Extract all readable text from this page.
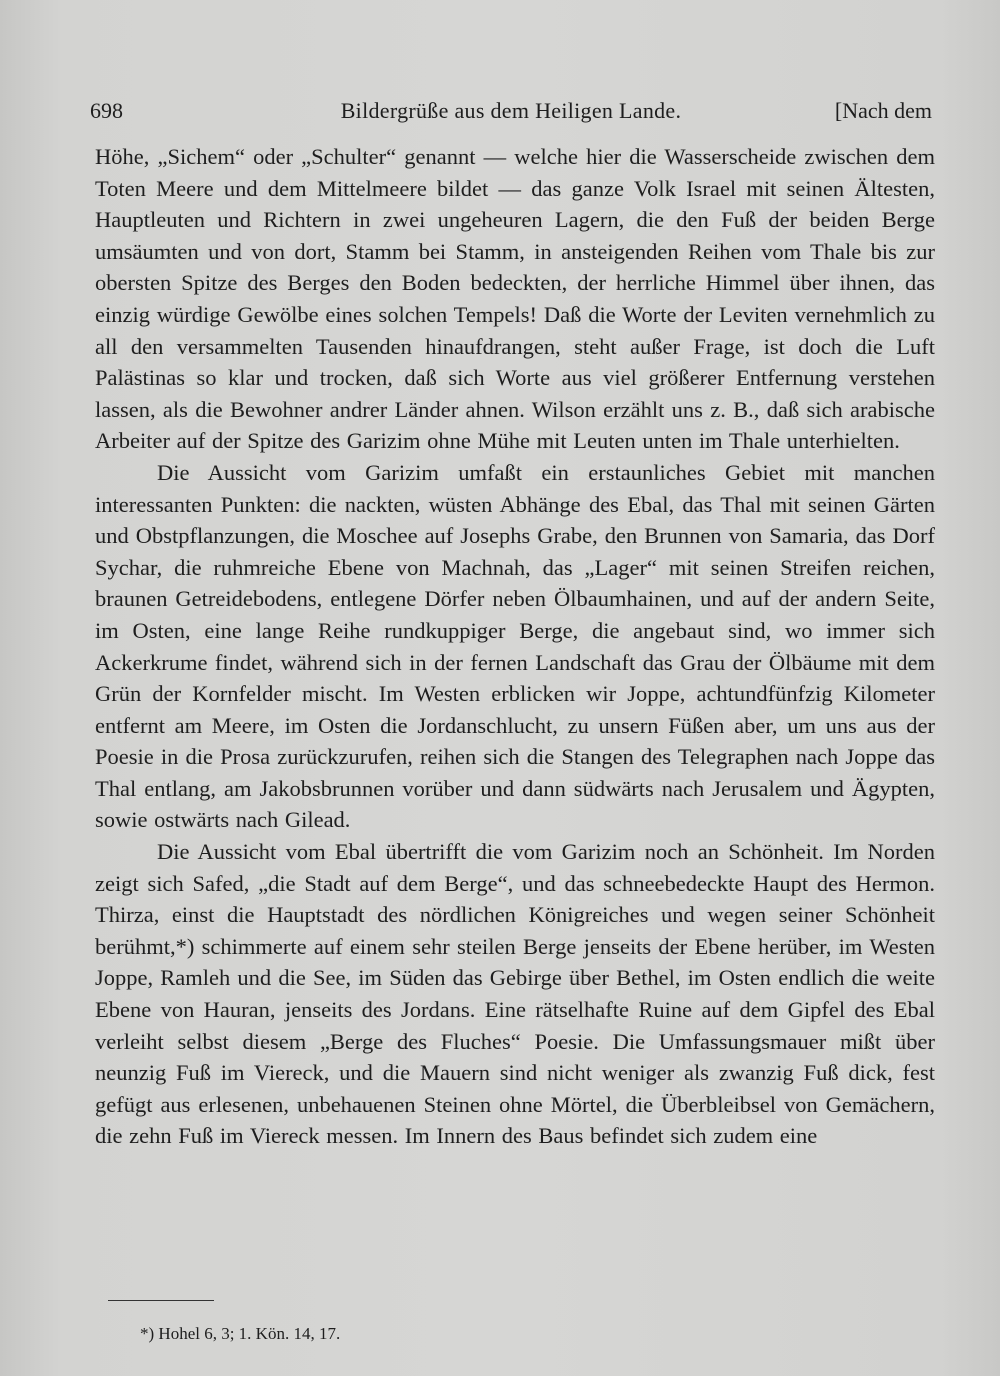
698	Bildergrüße aus dem Heiligen Lande.	[Nach dem

Höhe, „Sichem“ oder „Schulter“ genannt — welche hier die Wasserscheide zwischen dem Toten Meere und dem Mittelmeere bildet — das ganze Volk Israel mit seinen Ältesten, Hauptleuten und Richtern in zwei ungeheuren Lagern, die den Fuß der beiden Berge umsäumten und von dort, Stamm bei Stamm, in ansteigenden Reihen vom Thale bis zur obersten Spitze des Berges den Boden bedeckten, der herrliche Himmel über ihnen, das einzig würdige Gewölbe eines solchen Tempels! Daß die Worte der Leviten vernehmlich zu all den versammelten Tausenden hinaufdrangen, steht außer Frage, ist doch die Luft Palästinas so klar und trocken, daß sich Worte aus viel größerer Entfernung verstehen lassen, als die Bewohner andrer Länder ahnen. Wilson erzählt uns z. B., daß sich arabische Arbeiter auf der Spitze des Garizim ohne Mühe mit Leuten unten im Thale unterhielten.

Die Aussicht vom Garizim umfaßt ein erstaunliches Gebiet mit manchen interessanten Punkten: die nackten, wüsten Abhänge des Ebal, das Thal mit seinen Gärten und Obstpflanzungen, die Moschee auf Josephs Grabe, den Brunnen von Samaria, das Dorf Sychar, die ruhmreiche Ebene von Machnah, das „Lager“ mit seinen Streifen reichen, braunen Getreidebodens, entlegene Dörfer neben Ölbaumhainen, und auf der andern Seite, im Osten, eine lange Reihe rundkuppiger Berge, die angebaut sind, wo immer sich Ackerkrume findet, während sich in der fernen Landschaft das Grau der Ölbäume mit dem Grün der Kornfelder mischt. Im Westen erblicken wir Joppe, achtundfünfzig Kilometer entfernt am Meere, im Osten die Jordanschlucht, zu unsern Füßen aber, um uns aus der Poesie in die Prosa zurückzurufen, reihen sich die Stangen des Telegraphen nach Joppe das Thal entlang, am Jakobsbrunnen vorüber und dann südwärts nach Jerusalem und Ägypten, sowie ostwärts nach Gilead.

Die Aussicht vom Ebal übertrifft die vom Garizim noch an Schönheit. Im Norden zeigt sich Safed, „die Stadt auf dem Berge“, und das schneebedeckte Haupt des Hermon. Thirza, einst die Hauptstadt des nördlichen Königreiches und wegen seiner Schönheit berühmt,*) schimmerte auf einem sehr steilen Berge jenseits der Ebene herüber, im Westen Joppe, Ramleh und die See, im Süden das Gebirge über Bethel, im Osten endlich die weite Ebene von Hauran, jenseits des Jordans. Eine rätselhafte Ruine auf dem Gipfel des Ebal verleiht selbst diesem „Berge des Fluches“ Poesie. Die Umfassungsmauer mißt über neunzig Fuß im Viereck, und die Mauern sind nicht weniger als zwanzig Fuß dick, fest gefügt aus erlesenen, unbehauenen Steinen ohne Mörtel, die Überbleibsel von Gemächern, die zehn Fuß im Viereck messen. Im Innern des Baus befindet sich zudem eine

*) Hohel 6, 3; 1. Kön. 14, 17.
